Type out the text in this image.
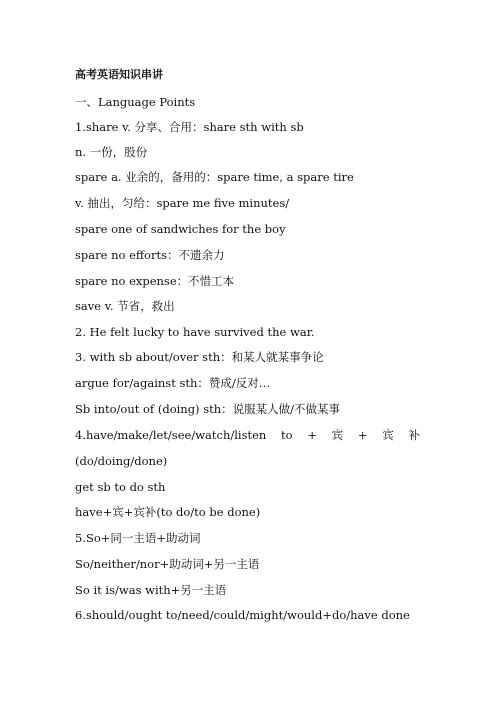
高考英语知识串讲
一、Language Points
1.share v. 分享、合用：share sth with sb
n. 一份，股份
spare a. 业余的，备用的：spare time, a spare tire
v. 抽出，匀给：spare me five minutes/
spare one of sandwiches for the boy
spare no efforts：不遗余力
spare no expense：不惜工本
save v. 节省，救出
2. He felt lucky to have survived the war.
3. with sb about/over sth：和某人就某事争论
argue for/against sth：赞成/反对…
Sb into/out of (doing) sth：说服某人做/不做某事
4.have/make/let/see/watch/listen to + 宾 + 宾 补
(do/doing/done)
get sb to do sth
have+宾+宾补(to do/to be done)
5.So+同一主语+助动词
So/neither/nor+助动词+另一主语
So it is/was with+另一主语
6.should/ought to/need/could/might/would+do/have done
